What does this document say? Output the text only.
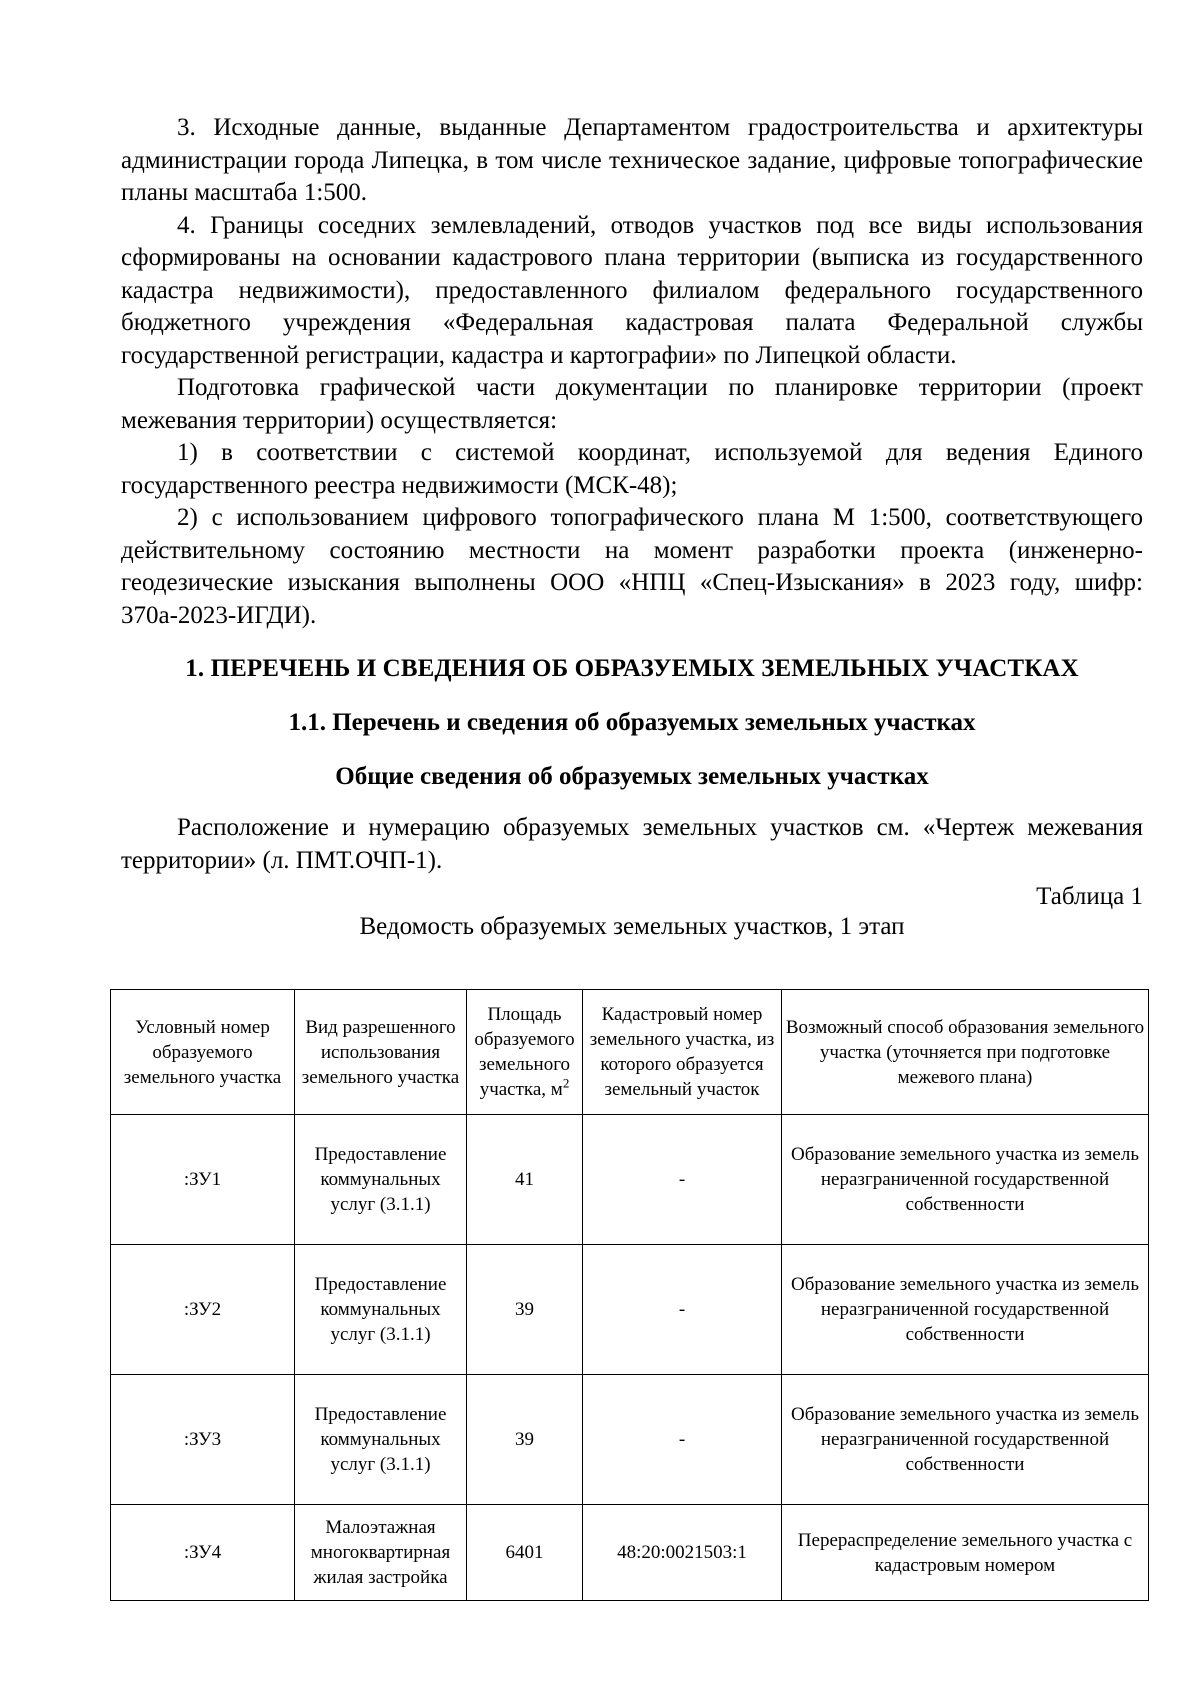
3. Исходные данные, выданные Департаментом градостроительства и архитектуры администрации города Липецка, в том числе техническое задание, цифровые топографические планы масштаба 1:500.

4. Границы соседних землевладений, отводов участков под все виды использования сформированы на основании кадастрового плана территории (выписка из государственного кадастра недвижимости), предоставленного филиалом федерального государственного бюджетного учреждения «Федеральная кадастровая палата Федеральной службы государственной регистрации, кадастра и картографии» по Липецкой области.

Подготовка графической части документации по планировке территории (проект межевания территории) осуществляется:

1) в соответствии с системой координат, используемой для ведения Единого государственного реестра недвижимости (МСК-48);

2) с использованием цифрового топографического плана М 1:500, соответствующего действительному состоянию местности на момент разработки проекта (инженерно-геодезические изыскания выполнены ООО «НПЦ «Спец-Изыскания» в 2023 году, шифр: 370а-2023-ИГДИ).

1. ПЕРЕЧЕНЬ И СВЕДЕНИЯ ОБ ОБРАЗУЕМЫХ ЗЕМЕЛЬНЫХ УЧАСТКАХ
1.1. Перечень и сведения об образуемых земельных участках
Общие сведения об образуемых земельных участках

Расположение и нумерацию образуемых земельных участков см. «Чертеж межевания территории» (л. ПМТ.ОЧП-1).

Таблица 1
Ведомость образуемых земельных участков, 1 этап
Условный номер образуемого земельного участка	Вид разрешенного использования земельного участка	Площадь образуемого земельного участка, $м^2$	Кадастровый номер земельного участка, из которого образуется земельный участок	Возможный способ образования земельного участка (уточняется при подготовке межевого плана)
:ЗУ1	Предоставление коммунальных услуг (3.1.1)	41	-	Образование земельного участка из земель неразграниченной государственной собственности
:ЗУ2	Предоставление коммунальных услуг (3.1.1)	39	-	Образование земельного участка из земель неразграниченной государственной собственности
:ЗУ3	Предоставление коммунальных услуг (3.1.1)	39	-	Образование земельного участка из земель неразграниченной государственной собственности
:ЗУ4	Малоэтажная многоквартирная жилая застройка	6401	48:20:0021503:1	Перераспределение земельного участка с кадастровым номером
